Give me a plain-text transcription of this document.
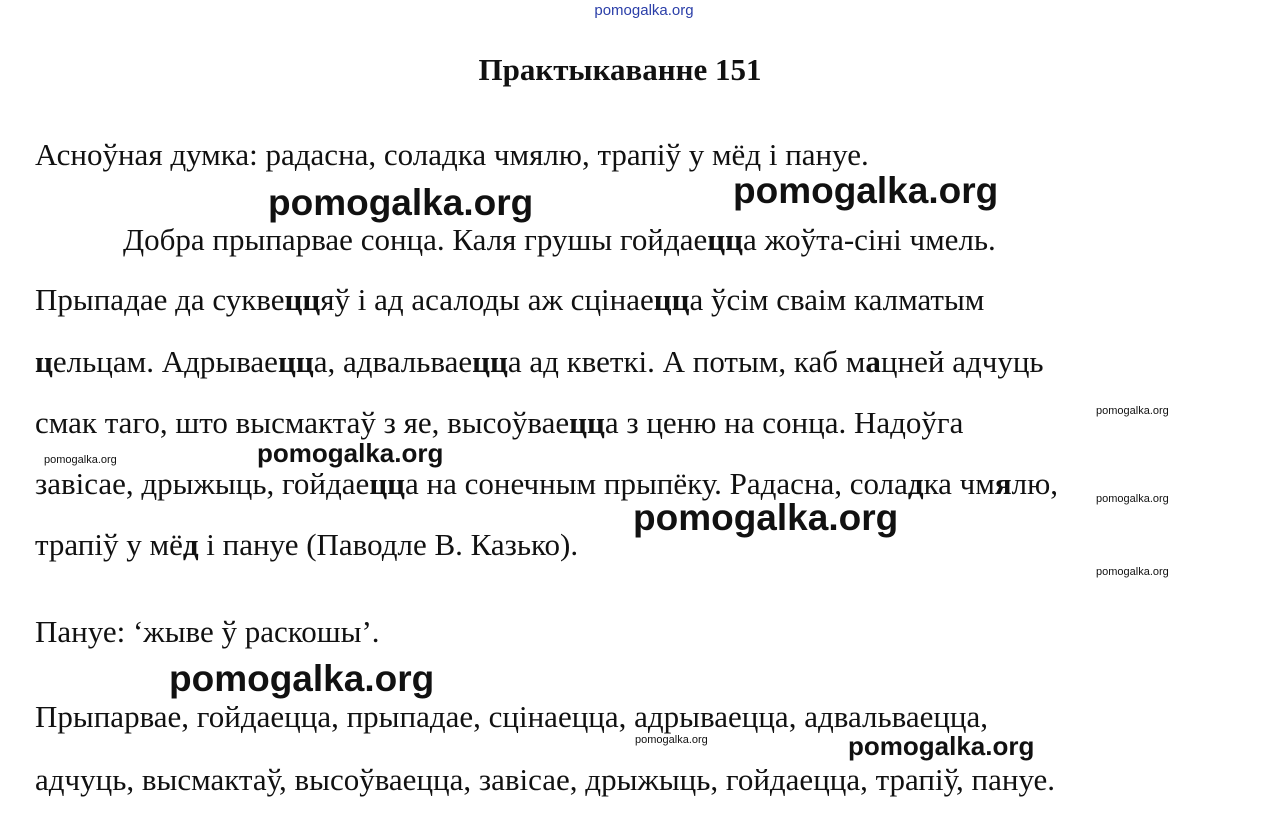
pomogalka.org
Практыкаванне 151
Асноўная думка: радасна, соладка чмялю, трапіў у мёд і пануе.
Добра прыпарвае сонца. Каля грушы гойдаецца жоўта-сіні чмель.
Прыпадае да суквеццяў і ад асалоды аж сцінаецца ўсім сваім калматым
цельцам. Адрываецца, адвальваецца ад кветкі. А потым, каб мацней адчуць
смак таго, што высмактаў з яе, высоўваецца з ценю на сонца. Надоўга
завісае, дрыжыць, гойдаецца на сонечным прыпёку. Радасна, соладка чмялю,
трапіў у мёд і пануе (Паводле В. Казько).
Пануе: ‘жыве ў раскошы’.
Прыпарвае, гойдаецца, прыпадае, сцінаецца, адрываецца, адвальваецца,
адчуць, высмактаў, высоўваецца, завісае, дрыжыць, гойдаецца, трапіў, пануе.
pomogalka.org	pomogalka.org
pomogalka.org
pomogalka.org
pomogalka.org
pomogalka.org
pomogalka.org
pomogalka.org
pomogalka.org
pomogalka.org
pomogalka.org
